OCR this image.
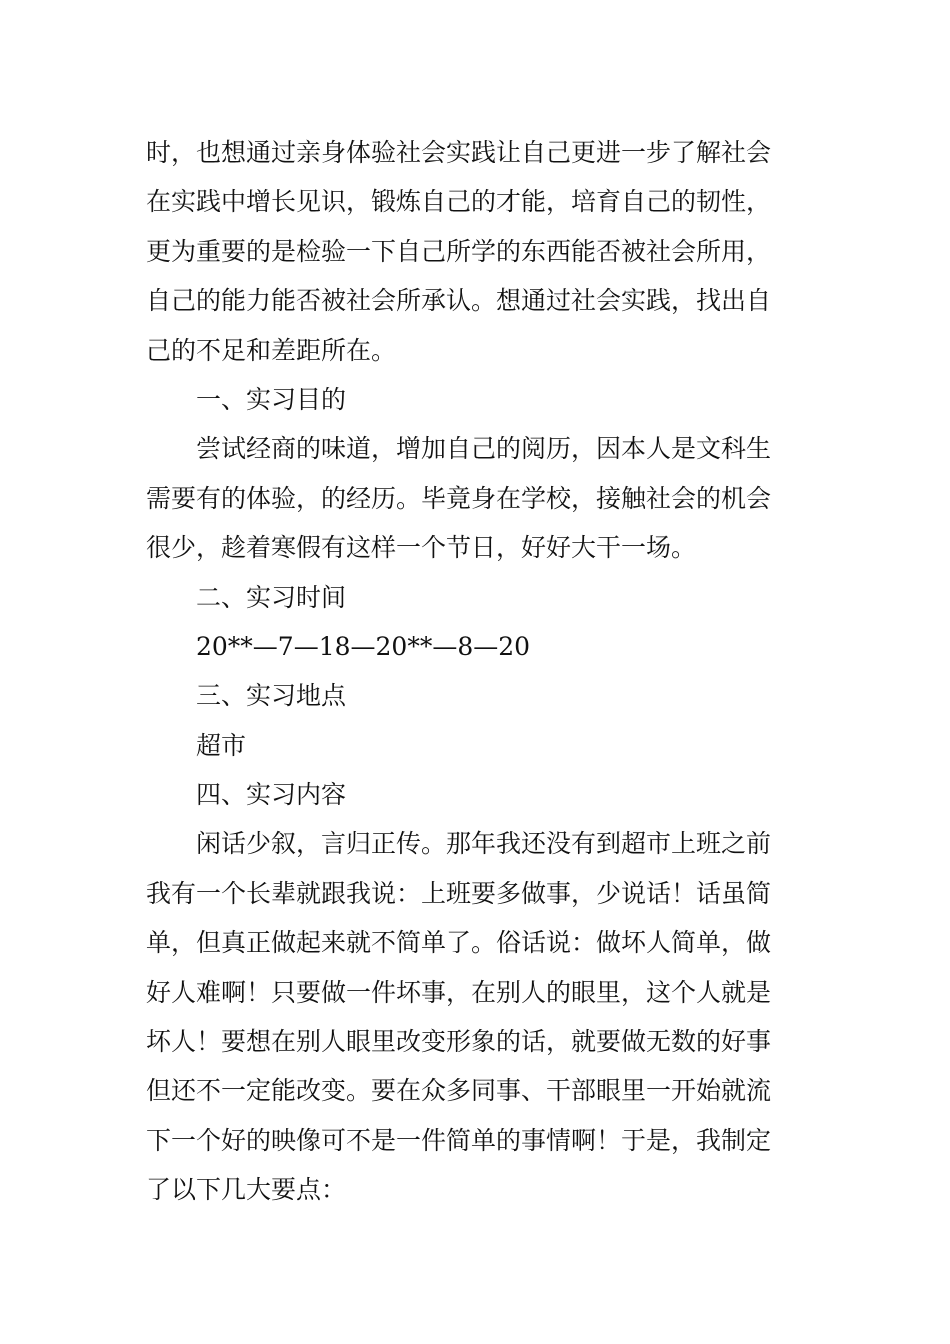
时，也想通过亲身体验社会实践让自己更进一步了解社会

在实践中增长见识，锻炼自己的才能，培育自己的韧性，

更为重要的是检验一下自己所学的东西能否被社会所用，

自己的能力能否被社会所承认。想通过社会实践，找出自

己的不足和差距所在。

一、实习目的

尝试经商的味道，增加自己的阅历，因本人是文科生

需要有的体验，的经历。毕竟身在学校，接触社会的机会

很少，趁着寒假有这样一个节日，好好大干一场。

二、实习时间

20**—7—18—20**—8—20

三、实习地点

超市

四、实习内容

闲话少叙，言归正传。那年我还没有到超市上班之前

我有一个长辈就跟我说：上班要多做事，少说话！话虽简

单，但真正做起来就不简单了。俗话说：做坏人简单，做

好人难啊！只要做一件坏事，在别人的眼里，这个人就是

坏人！要想在别人眼里改变形象的话，就要做无数的好事

但还不一定能改变。要在众多同事、干部眼里一开始就流

下一个好的映像可不是一件简单的事情啊！于是，我制定

了以下几大要点：
